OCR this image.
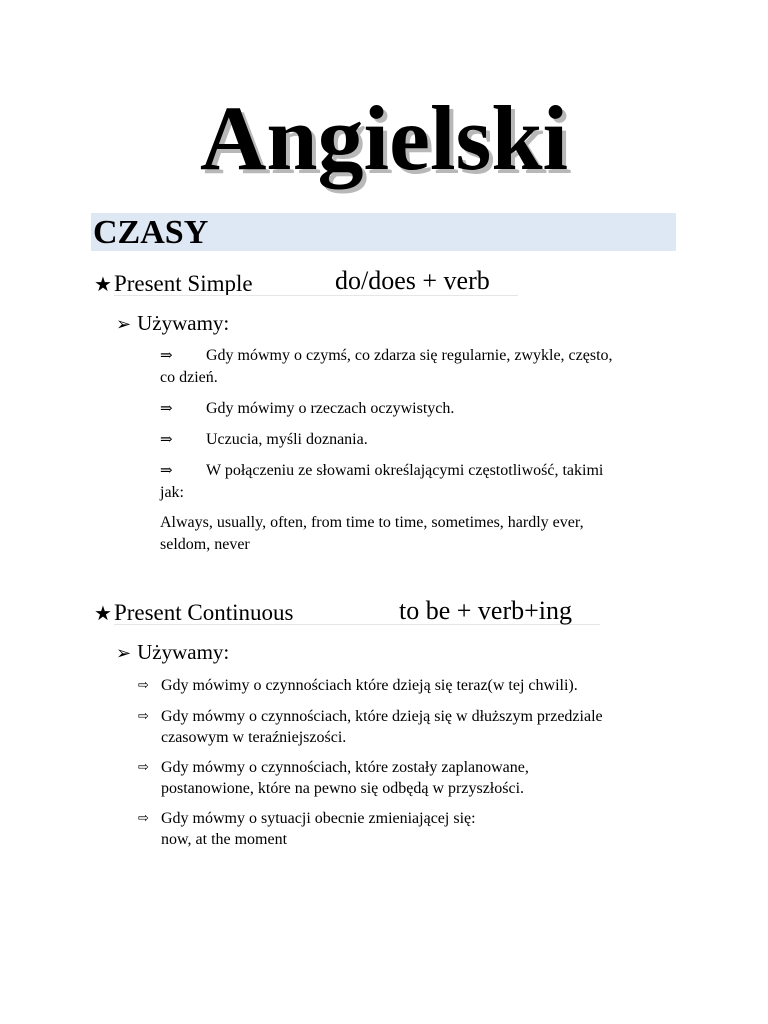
Angielski
CZASY
★Present Simple	do/does + verb
➢ Używamy:
⇒ Gdy mówmy o czymś, co zdarza się regularnie, zwykle, często,
co dzień.
⇒ Gdy mówimy o rzeczach oczywistych.
⇒ Uczucia, myśli doznania.
⇒ W połączeniu ze słowami określającymi częstotliwość, takimi
jak:
Always, usually, often, from time to time, sometimes, hardly ever,
seldom, never
★Present Continuous	to be + verb+ing
➢ Używamy:
⇨ Gdy mówimy o czynnościach które dzieją się teraz(w tej chwili).
⇨ Gdy mówmy o czynnościach, które dzieją się w dłuższym przedziale
czasowym w teraźniejszości.
⇨ Gdy mówmy o czynnościach, które zostały zaplanowane,
postanowione, które na pewno się odbędą w przyszłości.
⇨ Gdy mówmy o sytuacji obecnie zmieniającej się:
now, at the moment
